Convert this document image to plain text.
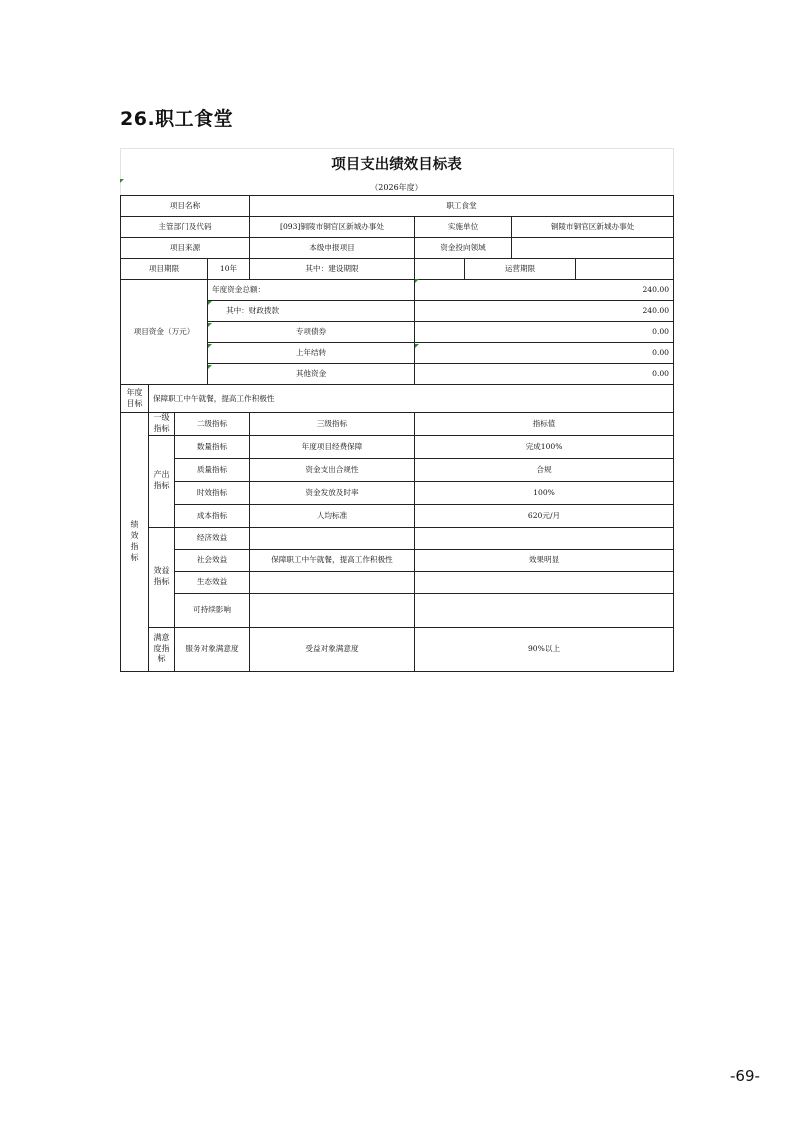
26.职工食堂
项目支出绩效目标表
（2026年度）
项目名称				职工食堂				
主管部门及代码				[093]铜陵市铜官区新城办事处	实施单位		铜陵市铜官区新城办事处	
项目来源				本级申报项目	资金投向领域			
项目期限			10年	其中：建设期限		运营期限		
项目资金（万元）			年度资金总额：		240.00			
			其中：财政拨款		240.00			
			专项债券		0.00			
			上年结转		0.00			
			其他资金		0.00			
年度目标	保障职工中午就餐，提高工作积极性							
绩效指标	一级指标	二级指标		三级指标	指标值			
	产出指标	数量指标		年度项目经费保障	完成100%			
		质量指标		资金支出合规性	合规			
		时效指标		资金发放及时率	100%			
		成本指标		人均标准	620元/月			
	效益指标	经济效益						
		社会效益		保障职工中午就餐，提高工作积极性	效果明显			
		生态效益						
		可持续影响						
	满意度指标	服务对象满意度		受益对象满意度	90%以上			
-69-
